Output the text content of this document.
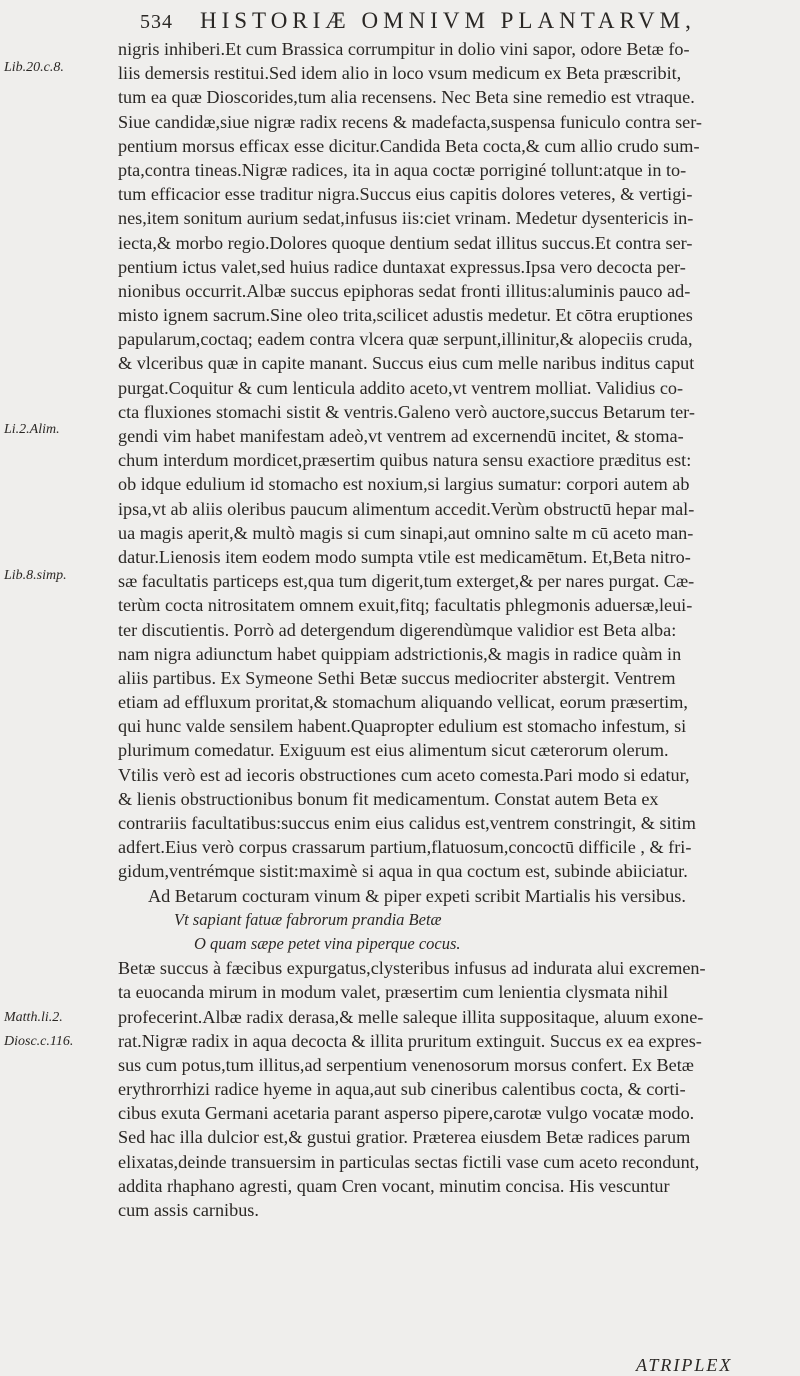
534 HISTORIÆ OMNIVM PLANTARVM,
Lib.20.c.8.
Li.2.Alim.
Lib.8.simp.
Matth.li.2.
Diosc.c.116.
nigris inhiberi.Et cum Brassica corrumpitur in dolio vini sapor, odore Betæ fo-
liis demersis restitui.Sed idem alio in loco vsum medicum ex Beta præscribit,
tum ea quæ Dioscorides,tum alia recensens. Nec Beta sine remedio est vtraque.
Siue candidæ,siue nigræ radix recens & madefacta,suspensa funiculo contra ser-
pentium morsus efficax esse dicitur.Candida Beta cocta,& cum allio crudo sum-
pta,contra tineas.Nigræ radices, ita in aqua coctæ porriginé tollunt:atque in to-
tum efficacior esse traditur nigra.Succus eius capitis dolores veteres, & vertigi-
nes,item sonitum aurium sedat,infusus iis:ciet vrinam. Medetur dysentericis in-
iecta,& morbo regio.Dolores quoque dentium sedat illitus succus.Et contra ser-
pentium ictus valet,sed huius radice duntaxat expressus.Ipsa vero decocta per-
nionibus occurrit.Albæ succus epiphoras sedat fronti illitus:aluminis pauco ad-
misto ignem sacrum.Sine oleo trita,scilicet adustis medetur. Et cōtra eruptiones
papularum,coctaq; eadem contra vlcera quæ serpunt,illinitur,& alopeciis cruda,
& vlceribus quæ in capite manant. Succus eius cum melle naribus inditus caput
purgat.Coquitur & cum lenticula addito aceto,vt ventrem molliat. Validius co-
cta fluxiones stomachi sistit & ventris.Galeno verò auctore,succus Betarum ter-
gendi vim habet manifestam adeò,vt ventrem ad excernendū incitet, & stoma-
chum interdum mordicet,præsertim quibus natura sensu exactiore præditus est:
ob idque edulium id stomacho est noxium,si largius sumatur: corpori autem ab
ipsa,vt ab aliis oleribus paucum alimentum accedit.Verùm obstructū hepar mal-
ua magis aperit,& multò magis si cum sinapi,aut omnino salte m cū aceto man-
datur.Lienosis item eodem modo sumpta vtile est medicamētum. Et,Beta nitro-
sæ facultatis particeps est,qua tum digerit,tum exterget,& per nares purgat. Cæ-
terùm cocta nitrositatem omnem exuit,fitq; facultatis phlegmonis aduersæ,leui-
ter discutientis. Porrò ad detergendum digerendùmque validior est Beta alba:
nam nigra adiunctum habet quippiam adstrictionis,& magis in radice quàm in
aliis partibus. Ex Symeone Sethi Betæ succus mediocriter abstergit. Ventrem
etiam ad effluxum proritat,& stomachum aliquando vellicat, eorum præsertim,
qui hunc valde sensilem habent.Quapropter edulium est stomacho infestum, si
plurimum comedatur. Exiguum est eius alimentum sicut cæterorum olerum.
Vtilis verò est ad iecoris obstructiones cum aceto comesta.Pari modo si edatur,
& lienis obstructionibus bonum fit medicamentum. Constat autem Beta ex
contrariis facultatibus:succus enim eius calidus est,ventrem constringit, & sitim
adfert.Eius verò corpus crassarum partium,flatuosum,concoctū difficile , & fri-
gidum,ventrémque sistit:maximè si aqua in qua coctum est, subinde abiiciatur.
Ad Betarum cocturam vinum & piper expeti scribit Martialis his versibus.
Vt sapiant fatuæ fabrorum prandia Betæ
O quam sæpe petet vina piperque cocus.
Betæ succus à fæcibus expurgatus,clysteribus infusus ad indurata alui excremen-
ta euocanda mirum in modum valet, præsertim cum lenientia clysmata nihil
profecerint.Albæ radix derasa,& melle saleque illita suppositaque, aluum exone-
rat.Nigræ radix in aqua decocta & illita pruritum extinguit. Succus ex ea expres-
sus cum potus,tum illitus,ad serpentium venenosorum morsus confert. Ex Betæ
erythrorrhizi radice hyeme in aqua,aut sub cineribus calentibus cocta, & corti-
cibus exuta Germani acetaria parant asperso pipere,carotæ vulgo vocatæ modo.
Sed hac illa dulcior est,& gustui gratior. Præterea eiusdem Betæ radices parum
elixatas,deinde transuersim in particulas sectas fictili vase cum aceto recondunt,
addita rhaphano agresti, quam Cren vocant, minutim concisa. His vescuntur
cum assis carnibus.
ATRIPLEX
